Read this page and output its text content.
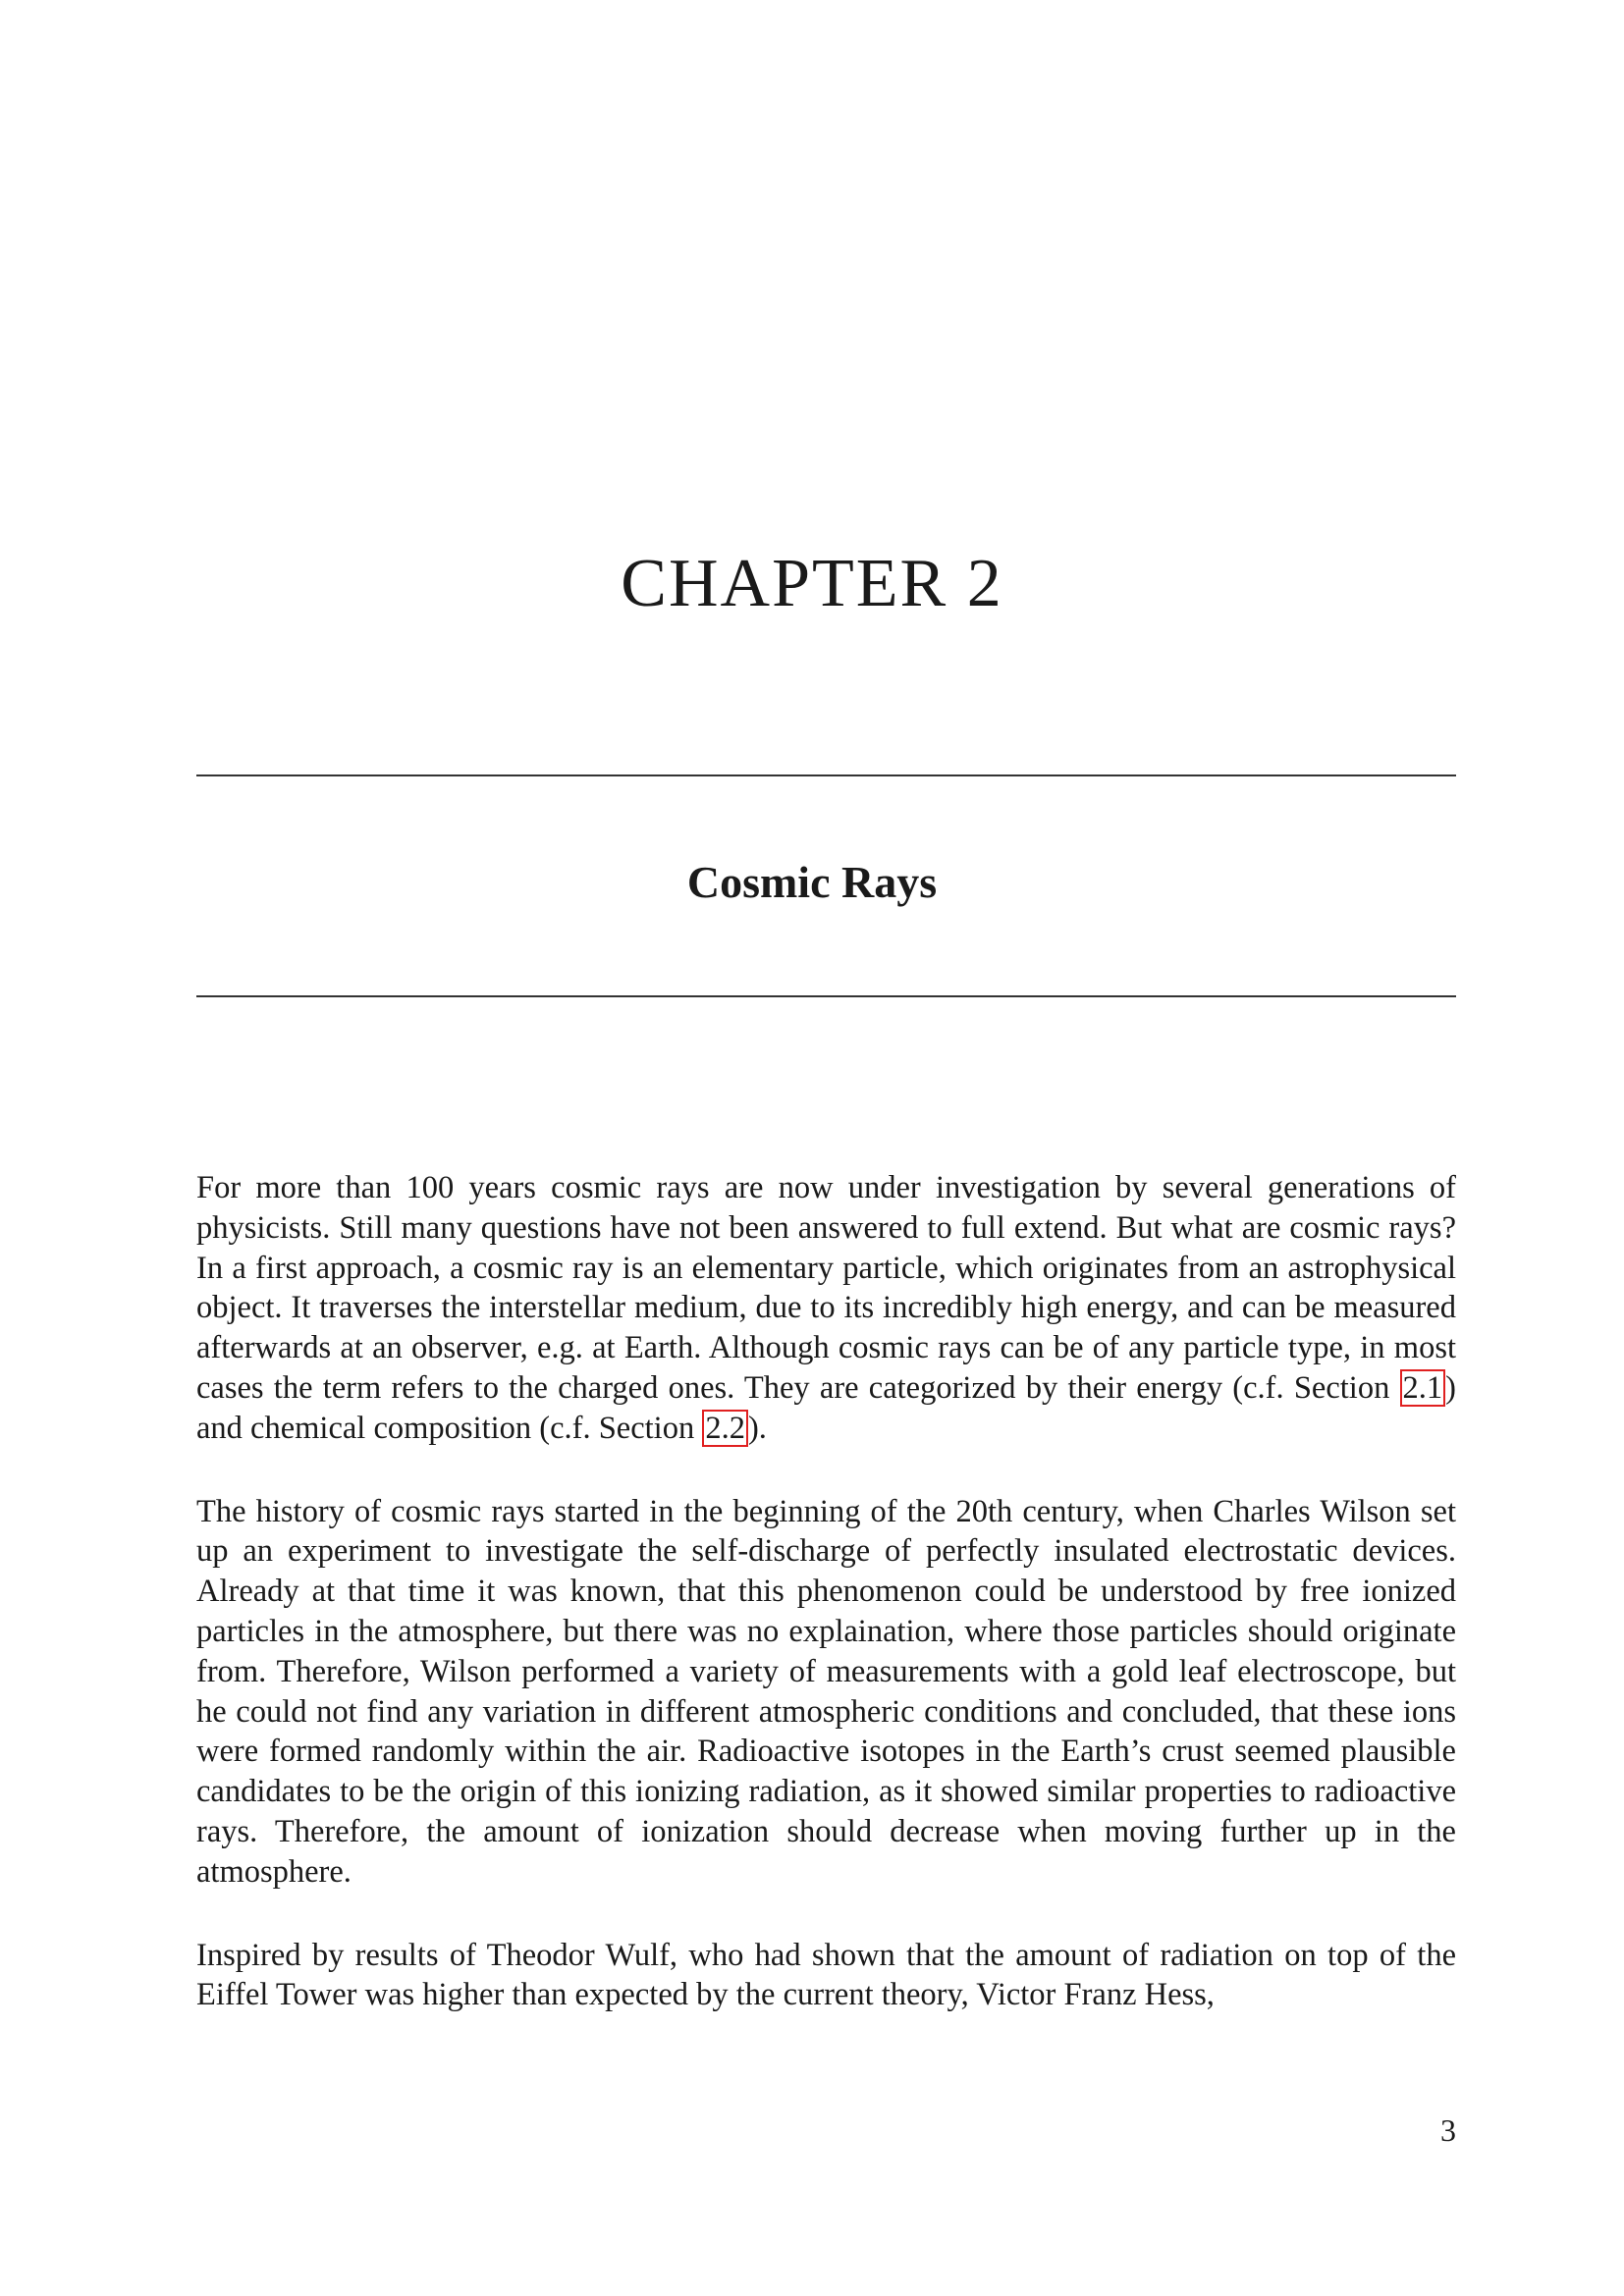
CHAPTER 2
Cosmic Rays

For more than 100 years cosmic rays are now under investigation by several generations of physicists. Still many questions have not been answered to full extend. But what are cosmic rays? In a first approach, a cosmic ray is an elementary particle, which originates from an astrophysical object. It traverses the interstellar medium, due to its incredibly high energy, and can be measured afterwards at an observer, e.g. at Earth. Although cosmic rays can be of any particle type, in most cases the term refers to the charged ones. They are categorized by their energy (c.f. Section 2.1) and chemical composition (c.f. Section 2.2).

The history of cosmic rays started in the beginning of the 20th century, when Charles Wilson set up an experiment to investigate the self-discharge of perfectly insulated electrostatic devices. Already at that time it was known, that this phenomenon could be understood by free ionized particles in the atmosphere, but there was no explaination, where those particles should originate from. Therefore, Wilson performed a variety of measurements with a gold leaf electroscope, but he could not find any variation in different atmospheric conditions and concluded, that these ions were formed randomly within the air. Radioactive isotopes in the Earth’s crust seemed plausible candidates to be the origin of this ionizing radiation, as it showed similar properties to radioactive rays. Therefore, the amount of ionization should decrease when moving further up in the atmosphere.

Inspired by results of Theodor Wulf, who had shown that the amount of radiation on top of the Eiffel Tower was higher than expected by the current theory, Victor Franz Hess,

3
